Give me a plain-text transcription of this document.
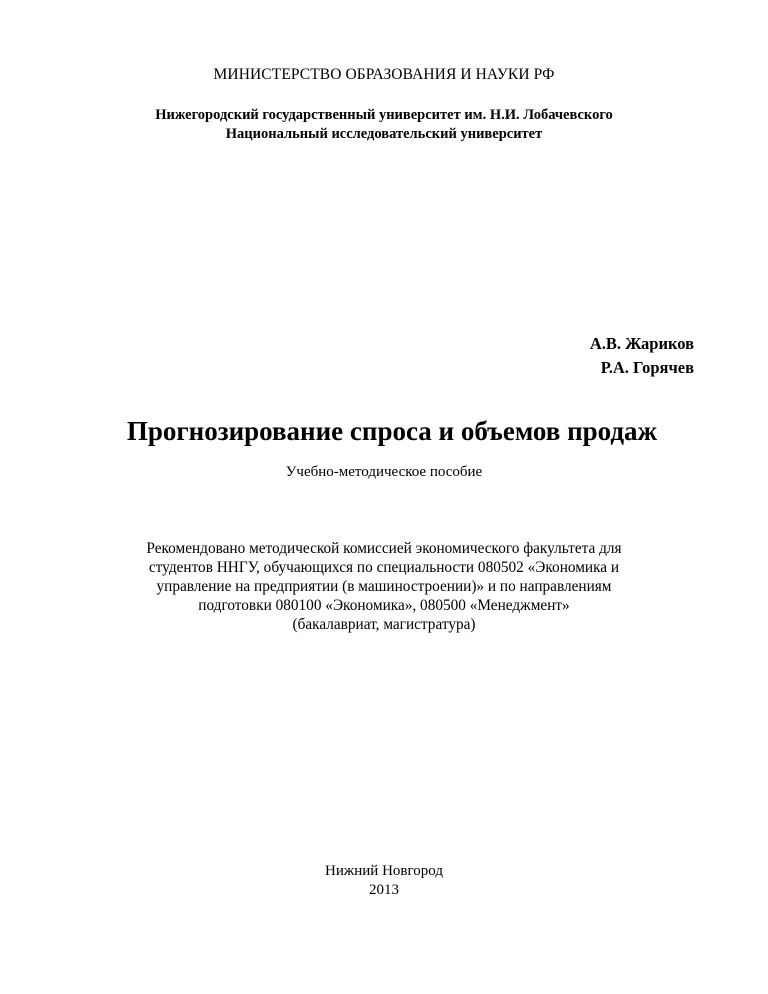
МИНИСТЕРСТВО ОБРАЗОВАНИЯ И НАУКИ РФ
Нижегородский государственный университет им. Н.И. Лобачевского
Национальный исследовательский университет
А.В. Жариков
Р.А. Горячев
Прогнозирование спроса и объемов продаж
Учебно-методическое пособие
Рекомендовано методической комиссией экономического факультета для
студентов ННГУ, обучающихся по специальности 080502 «Экономика и
управление на предприятии (в машиностроении)» и по направлениям
подготовки 080100 «Экономика», 080500 «Менеджмент»
(бакалавриат, магистратура)
Нижний Новгород
2013
